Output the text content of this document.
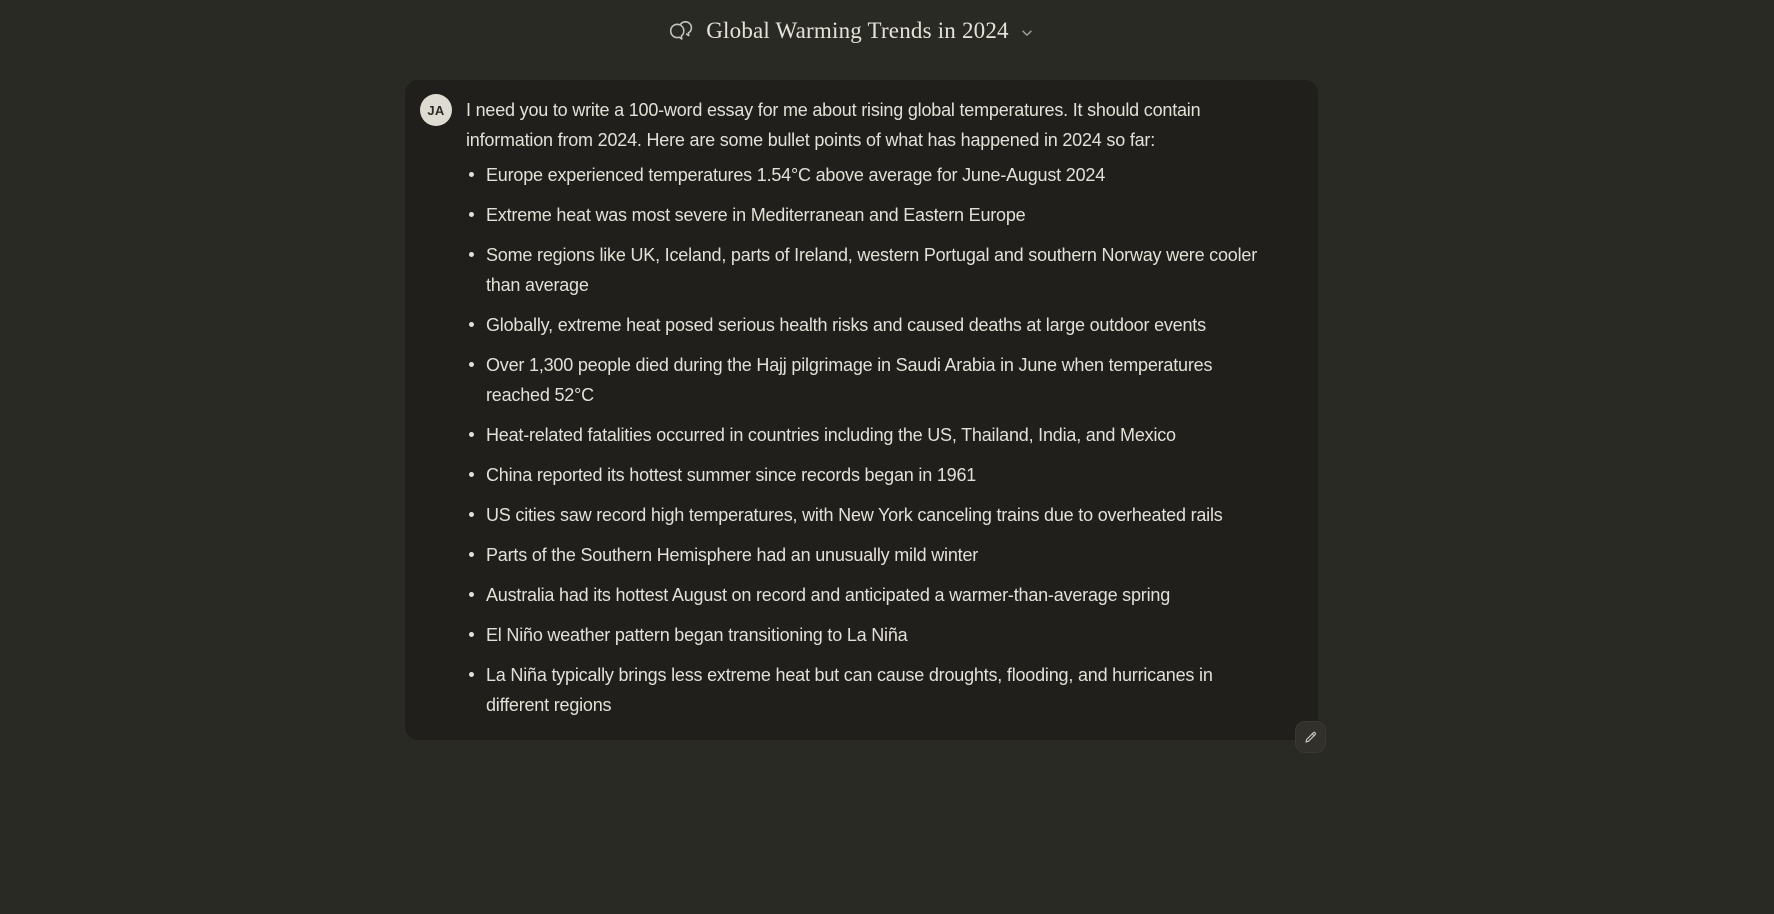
Global Warming Trends in 2024
JA	I need you to write a 100-word essay for me about rising global temperatures. It should contain information from 2024. Here are some bullet points of what has happened in 2024 so far:

Europe experienced temperatures 1.54°C above average for June-August 2024
Extreme heat was most severe in Mediterranean and Eastern Europe
Some regions like UK, Iceland, parts of Ireland, western Portugal and southern Norway were cooler than average
Globally, extreme heat posed serious health risks and caused deaths at large outdoor events
Over 1,300 people died during the Hajj pilgrimage in Saudi Arabia in June when temperatures reached 52°C
Heat-related fatalities occurred in countries including the US, Thailand, India, and Mexico
China reported its hottest summer since records began in 1961
US cities saw record high temperatures, with New York canceling trains due to overheated rails
Parts of the Southern Hemisphere had an unusually mild winter
Australia had its hottest August on record and anticipated a warmer-than-average spring
El Niño weather pattern began transitioning to La Niña
La Niña typically brings less extreme heat but can cause droughts, flooding, and hurricanes in different regions
